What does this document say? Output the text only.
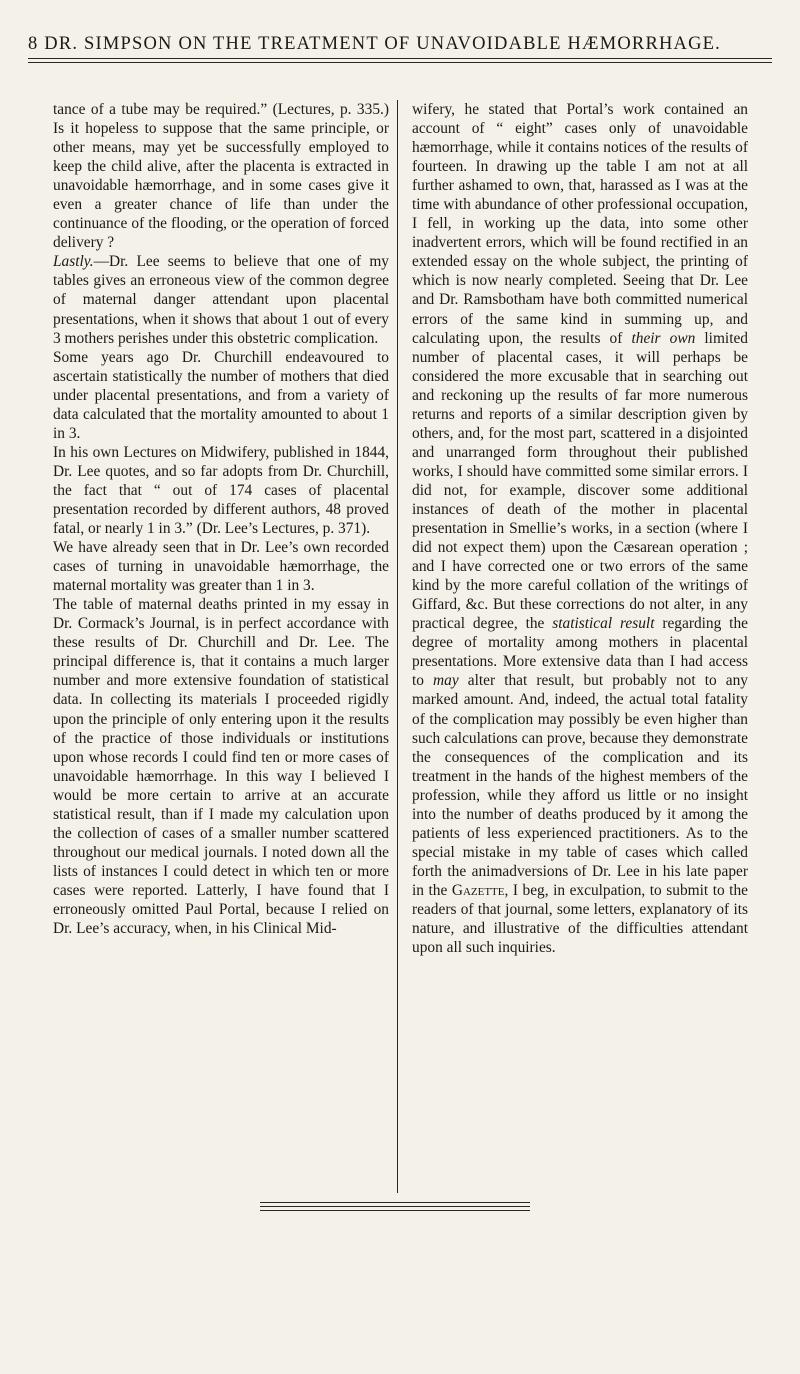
8 DR. SIMPSON ON THE TREATMENT OF UNAVOIDABLE HÆMORRHAGE.

tance of a tube may be required.” (Lectures, p. 335.) Is it hopeless to suppose that the same principle, or other means, may yet be successfully employed to keep the child alive, after the placenta is extracted in unavoidable hæmorrhage, and in some cases give it even a greater chance of life than under the continuance of the flooding, or the operation of forced delivery ?

Lastly.—Dr. Lee seems to believe that one of my tables gives an erroneous view of the common degree of maternal danger attendant upon placental presentations, when it shows that about 1 out of every 3 mothers perishes under this obstetric complication.

Some years ago Dr. Churchill endeavoured to ascertain statistically the number of mothers that died under placental presentations, and from a variety of data calculated that the mortality amounted to about 1 in 3.

In his own Lectures on Midwifery, published in 1844, Dr. Lee quotes, and so far adopts from Dr. Churchill, the fact that “ out of 174 cases of placental presentation recorded by different authors, 48 proved fatal, or nearly 1 in 3.” (Dr. Lee’s Lectures, p. 371).

We have already seen that in Dr. Lee’s own recorded cases of turning in unavoidable hæmorrhage, the maternal mortality was greater than 1 in 3.

The table of maternal deaths printed in my essay in Dr. Cormack’s Journal, is in perfect accordance with these results of Dr. Churchill and Dr. Lee. The principal difference is, that it contains a much larger number and more extensive foundation of statistical data. In collecting its materials I proceeded rigidly upon the principle of only entering upon it the results of the practice of those individuals or institutions upon whose records I could find ten or more cases of unavoidable hæmorrhage. In this way I believed I would be more certain to arrive at an accurate statistical result, than if I made my calculation upon the collection of cases of a smaller number scattered throughout our medical journals. I noted down all the lists of instances I could detect in which ten or more cases were reported. Latterly, I have found that I erroneously omitted Paul Portal, because I relied on Dr. Lee’s accuracy, when, in his Clinical Mid-

wifery, he stated that Portal’s work contained an account of “ eight” cases only of unavoidable hæmorrhage, while it contains notices of the results of fourteen. In drawing up the table I am not at all further ashamed to own, that, harassed as I was at the time with abundance of other professional occupation, I fell, in working up the data, into some other inadvertent errors, which will be found rectified in an extended essay on the whole subject, the printing of which is now nearly completed. Seeing that Dr. Lee and Dr. Ramsbotham have both committed numerical errors of the same kind in summing up, and calculating upon, the results of their own limited number of placental cases, it will perhaps be considered the more excusable that in searching out and reckoning up the results of far more numerous returns and reports of a similar description given by others, and, for the most part, scattered in a disjointed and unarranged form throughout their published works, I should have committed some similar errors. I did not, for example, discover some additional instances of death of the mother in placental presentation in Smellie’s works, in a section (where I did not expect them) upon the Cæsarean operation ; and I have corrected one or two errors of the same kind by the more careful collation of the writings of Giffard, &c. But these corrections do not alter, in any practical degree, the statistical result regarding the degree of mortality among mothers in placental presentations. More extensive data than I had access to may alter that result, but probably not to any marked amount. And, indeed, the actual total fatality of the complication may possibly be even higher than such calculations can prove, because they demonstrate the consequences of the complication and its treatment in the hands of the highest members of the profession, while they afford us little or no insight into the number of deaths produced by it among the patients of less experienced practitioners. As to the special mistake in my table of cases which called forth the animadversions of Dr. Lee in his late paper in the Gazette, I beg, in exculpation, to submit to the readers of that journal, some letters, explanatory of its nature, and illustrative of the difficulties attendant upon all such inquiries.
